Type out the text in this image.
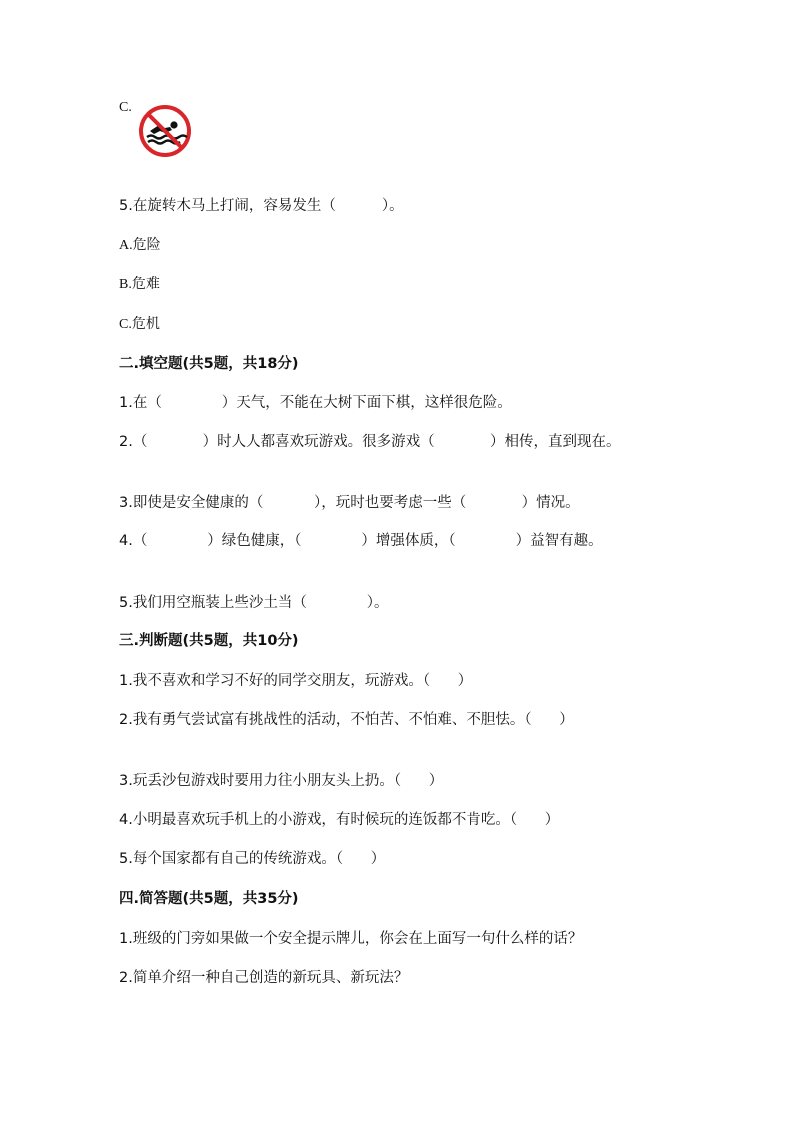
C.

5.在旋转木马上打闹，容易发生（          ）。

A.危险

B.危难

C.危机

二.填空题(共5题，共18分)

1.在（             ）天气，不能在大树下面下棋，这样很危险。

2.（            ）时人人都喜欢玩游戏。很多游戏（            ）相传，直到现在。

3.即使是安全健康的（           ），玩时也要考虑一些（            ）情况。

4.（             ）绿色健康，（             ）增强体质，（             ）益智有趣。

5.我们用空瓶装上些沙土当（             ）。

三.判断题(共5题，共10分)

1.我不喜欢和学习不好的同学交朋友，玩游戏。（      ）

2.我有勇气尝试富有挑战性的活动，不怕苦、不怕难、不胆怯。（      ）

3.玩丢沙包游戏时要用力往小朋友头上扔。（      ）

4.小明最喜欢玩手机上的小游戏，有时候玩的连饭都不肯吃。（      ）

5.每个国家都有自己的传统游戏。（      ）

四.简答题(共5题，共35分)

1.班级的门旁如果做一个安全提示牌儿，你会在上面写一句什么样的话？

2.简单介绍一种自己创造的新玩具、新玩法？
